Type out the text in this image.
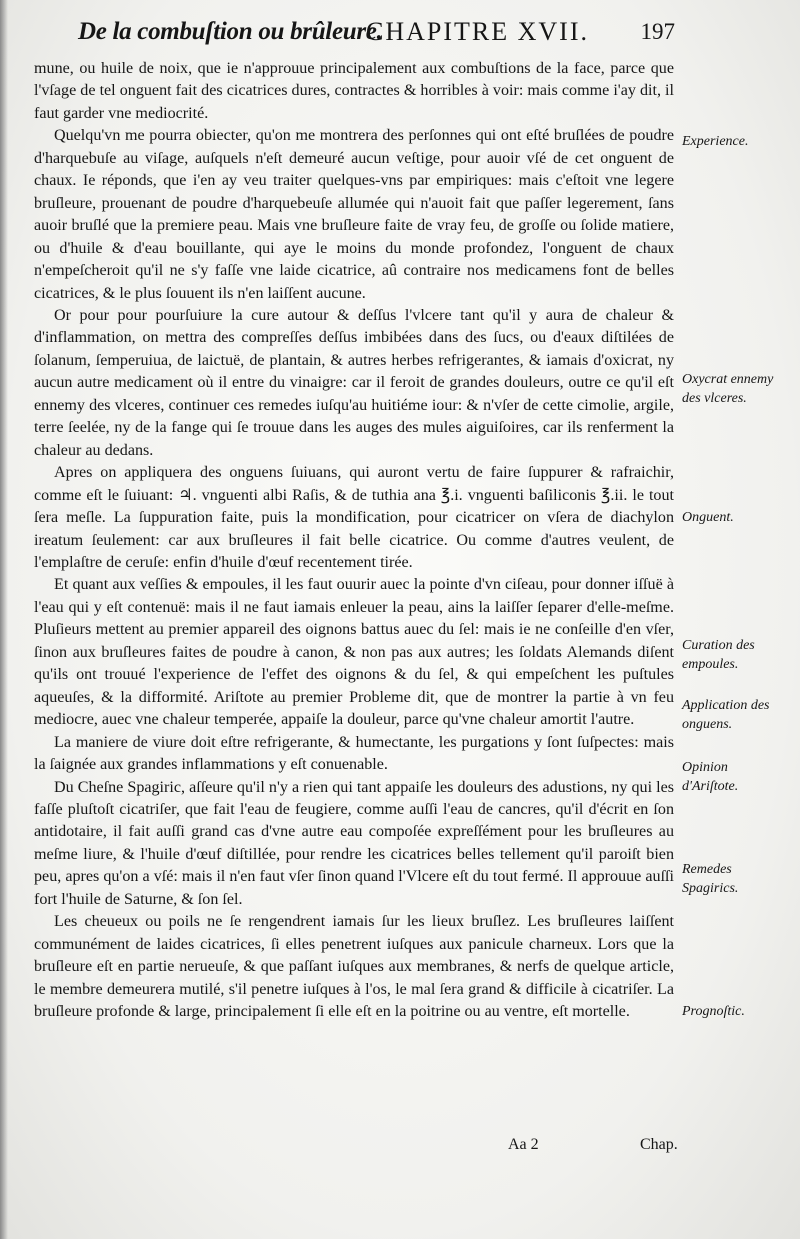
De la combuſtion ou brûleure.
CHAPITRE XVII. 197

mune, ou huile de noix, que ie n'approuue principalement aux combuſtions de la face, parce que l'vſage de tel onguent fait des cicatrices dures, contractes & horribles à voir: mais comme i'ay dit, il faut garder vne mediocrité.

Quelqu'vn me pourra obiecter, qu'on me montrera des perſonnes qui ont eſté bruſlées de poudre d'harquebuſe au viſage, auſquels n'eſt demeuré aucun veſtige, pour auoir vſé de cet onguent de chaux. Ie réponds, que i'en ay veu traiter quelques-vns par empiriques: mais c'eſtoit vne legere bruſleure, prouenant de poudre d'harquebeuſe allumée qui n'auoit fait que paſſer legerement, ſans auoir bruſlé que la premiere peau. Mais vne bruſleure faite de vray feu, de groſſe ou ſolide matiere, ou d'huile & d'eau bouillante, qui aye le moins du monde profondez, l'onguent de chaux n'empeſcheroit qu'il ne s'y faſſe vne laide cicatrice, aû contraire nos medicamens font de belles cicatrices, & le plus ſouuent ils n'en laiſſent aucune.

Or pour pour pourſuiure la cure autour & deſſus l'vlcere tant qu'il y aura de chaleur & d'inflammation, on mettra des compreſſes deſſus imbibées dans des ſucs, ou d'eaux diſtilées de ſolanum, ſemperuiua, de laictuë, de plantain, & autres herbes refrigerantes, & iamais d'oxicrat, ny aucun autre medicament où il entre du vinaigre: car il feroit de grandes douleurs, outre ce qu'il eſt ennemy des vlceres, continuer ces remedes iuſqu'au huitiéme iour: & n'vſer de cette cimolie, argile, terre ſeelée, ny de la fange qui ſe trouue dans les auges des mules aiguiſoires, car ils renferment la chaleur au dedans.

Apres on appliquera des onguens ſuiuans, qui auront vertu de faire ſuppurer & rafraichir, comme eſt le ſuiuant: ♃. vnguenti albi Raſis, & de tuthia ana ℥.i. vnguenti baſiliconis ℥.ii. le tout ſera meſle. La ſuppuration faite, puis la mondification, pour cicatricer on vſera de diachylon ireatum ſeulement: car aux bruſleures il fait belle cicatrice. Ou comme d'autres veulent, de l'emplaſtre de ceruſe: enfin d'huile d'œuf recentement tirée.

Et quant aux veſſies & empoules, il les faut ouurir auec la pointe d'vn ciſeau, pour donner iſſuë à l'eau qui y eſt contenuë: mais il ne faut iamais enleuer la peau, ains la laiſſer ſeparer d'elle-meſme. Pluſieurs mettent au premier appareil des oignons battus auec du ſel: mais ie ne conſeille d'en vſer, ſinon aux bruſleures faites de poudre à canon, & non pas aux autres; les ſoldats Alemands diſent qu'ils ont trouué l'experience de l'effet des oignons & du ſel, & qui empeſchent les puſtules aqueuſes, & la difformité. Ariſtote au premier Probleme dit, que de montrer la partie à vn feu mediocre, auec vne chaleur temperée, appaiſe la douleur, parce qu'vne chaleur amortit l'autre.

La maniere de viure doit eſtre refrigerante, & humectante, les purgations y ſont ſuſpectes: mais la ſaignée aux grandes inflammations y eſt conuenable.

Du Cheſne Spagiric, aſſeure qu'il n'y a rien qui tant appaiſe les douleurs des adustions, ny qui les faſſe pluſtoſt cicatriſer, que fait l'eau de feugiere, comme auſſi l'eau de cancres, qu'il d'écrit en ſon antidotaire, il fait auſſi grand cas d'vne autre eau compoſée expreſſément pour les bruſleures au meſme liure, & l'huile d'œuf diſtillée, pour rendre les cicatrices belles tellement qu'il paroiſt bien peu, apres qu'on a vſé: mais il n'en faut vſer ſinon quand l'Vlcere eſt du tout fermé. Il approuue auſſi fort l'huile de Saturne, & ſon ſel.

Les cheueux ou poils ne ſe rengendrent iamais ſur les lieux bruſlez. Les bruſleures laiſſent communément de laides cicatrices, ſi elles penetrent iuſques aux panicule charneux. Lors que la bruſleure eſt en partie nerueuſe, & que paſſant iuſques aux membranes, & nerfs de quelque article, le membre demeurera mutilé, s'il penetre iuſques à l'os, le mal ſera grand & difficile à cicatriſer. La bruſleure profonde & large, principalement ſi elle eſt en la poitrine ou au ventre, eſt mortelle.

Experience.
Oxycrat ennemy des vlceres.
Onguent.
Curation des empoules.
Application des onguens.
Opinion d'Ariſtote.
Remedes Spagirics.
Prognoſtic.
Aa 2	Chap.
